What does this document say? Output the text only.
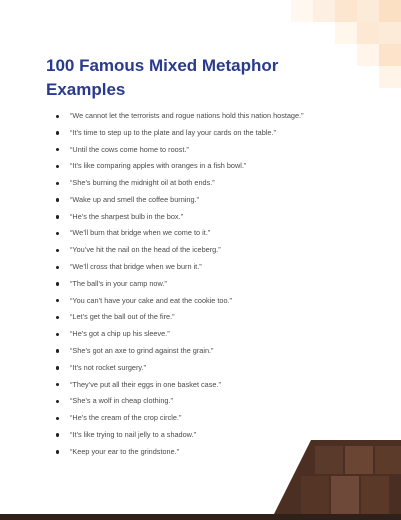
100 Famous Mixed Metaphor Examples
“We cannot let the terrorists and rogue nations hold this nation hostage.”
“It’s time to step up to the plate and lay your cards on the table.”
“Until the cows come home to roost.”
“It’s like comparing apples with oranges in a fish bowl.”
“She’s burning the midnight oil at both ends.”
“Wake up and smell the coffee burning.”
“He’s the sharpest bulb in the box.”
“We’ll burn that bridge when we come to it.”
“You’ve hit the nail on the head of the iceberg.”
“We’ll cross that bridge when we burn it.”
“The ball’s in your camp now.”
“You can’t have your cake and eat the cookie too.”
“Let’s get the ball out of the fire.”
“He’s got a chip up his sleeve.”
“She’s got an axe to grind against the grain.”
“It’s not rocket surgery.”
“They’ve put all their eggs in one basket case.”
“She’s a wolf in cheap clothing.”
“He’s the cream of the crop circle.”
“It’s like trying to nail jelly to a shadow.”
“Keep your ear to the grindstone.”
